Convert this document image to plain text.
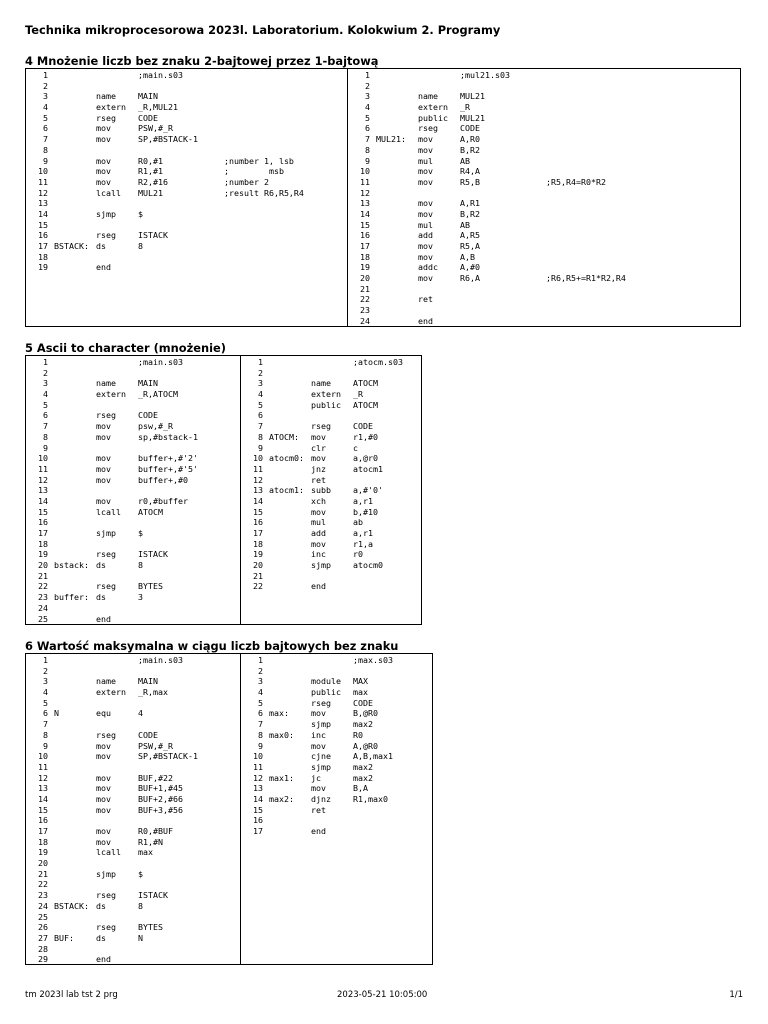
Technika mikroprocesorowa 2023l. Laboratorium. Kolokwium 2. Programy
4 Mnożenie liczb bez znaku 2-bajtowej przez 1-bajtową
1	;main.s03
2
3	name	MAIN
4	extern _R,MUL21
5	rseg	CODE
6	mov	PSW,#_R
7	mov	SP,#BSTACK-1
8
9	mov	R0,#1	;number 1, lsb
10	mov	R1,#1	;        msb
11	mov	R2,#16	;number 2
12	lcall MUL21	;result R6,R5,R4
13
14	sjmp	$
15
16	rseg	ISTACK
17 BSTACK: ds	8
18
19	end
1	;mul21.s03
2
3	name	MUL21
4	extern _R
5	public MUL21
6	rseg	CODE
7 MUL21: mov	A,R0
8	mov	B,R2
9	mul	AB
10	mov	R4,A
11	mov	R5,B	;R5,R4=R0*R2
12
13	mov	A,R1
14	mov	B,R2
15	mul	AB
16	add	A,R5
17	mov	R5,A
18	mov	A,B
19	addc	A,#0
20	mov	R6,A	;R6,R5+=R1*R2,R4
21
22	ret
23
24	end
5 Ascii to character (mnożenie)
1	;main.s03
2
3	name	MAIN
4	extern _R,ATOCM
5
6	rseg	CODE
7	mov	psw,#_R
8	mov	sp,#bstack-1
9
10	mov	buffer+,#'2'
11	mov	buffer+,#'5'
12	mov	buffer+,#0
13
14	mov	r0,#buffer
15	lcall ATOCM
16
17	sjmp	$
18
19	rseg	ISTACK
20 bstack: ds	8
21
22	rseg	BYTES
23 buffer: ds	3
24
25	end
1	;atocm.s03
2
3	name	ATOCM
4	extern _R
5	public ATOCM
6
7	rseg	CODE
8 ATOCM: mov	r1,#0
9	clr	c
10 atocm0: mov	a,@r0
11	jnz	atocm1
12	ret
13 atocm1: subb	a,#'0'
14	xch	a,r1
15	mov	b,#10
16	mul	ab
17	add	a,r1
18	mov	r1,a
19	inc	r0
20	sjmp	atocm0
21
22	end
6 Wartość maksymalna w ciągu liczb bajtowych bez znaku
1	;main.s03
2
3	name	MAIN
4	extern _R,max
5
6 N	equ	4
7
8	rseg	CODE
9	mov	PSW,#_R
10	mov	SP,#BSTACK-1
11
12	mov	BUF,#22
13	mov	BUF+1,#45
14	mov	BUF+2,#66
15	mov	BUF+3,#56
16
17	mov	R0,#BUF
18	mov	R1,#N
19	lcall max
20
21	sjmp	$
22
23	rseg	ISTACK
24 BSTACK: ds	8
25
26	rseg	BYTES
27 BUF:	ds	N
28
29	end
1	;max.s03
2
3	module MAX
4	public max
5	rseg	CODE
6 max:	mov	B,@R0
7	sjmp	max2
8 max0: inc	R0
9	mov	A,@R0
10	cjne	A,B,max1
11	sjmp	max2
12 max1: jc	max2
13	mov	B,A
14 max2: djnz	R1,max0
15	ret
16
17	end

tm 2023l lab tst 2 prg	2023-05-21 10:05:00	1/1
